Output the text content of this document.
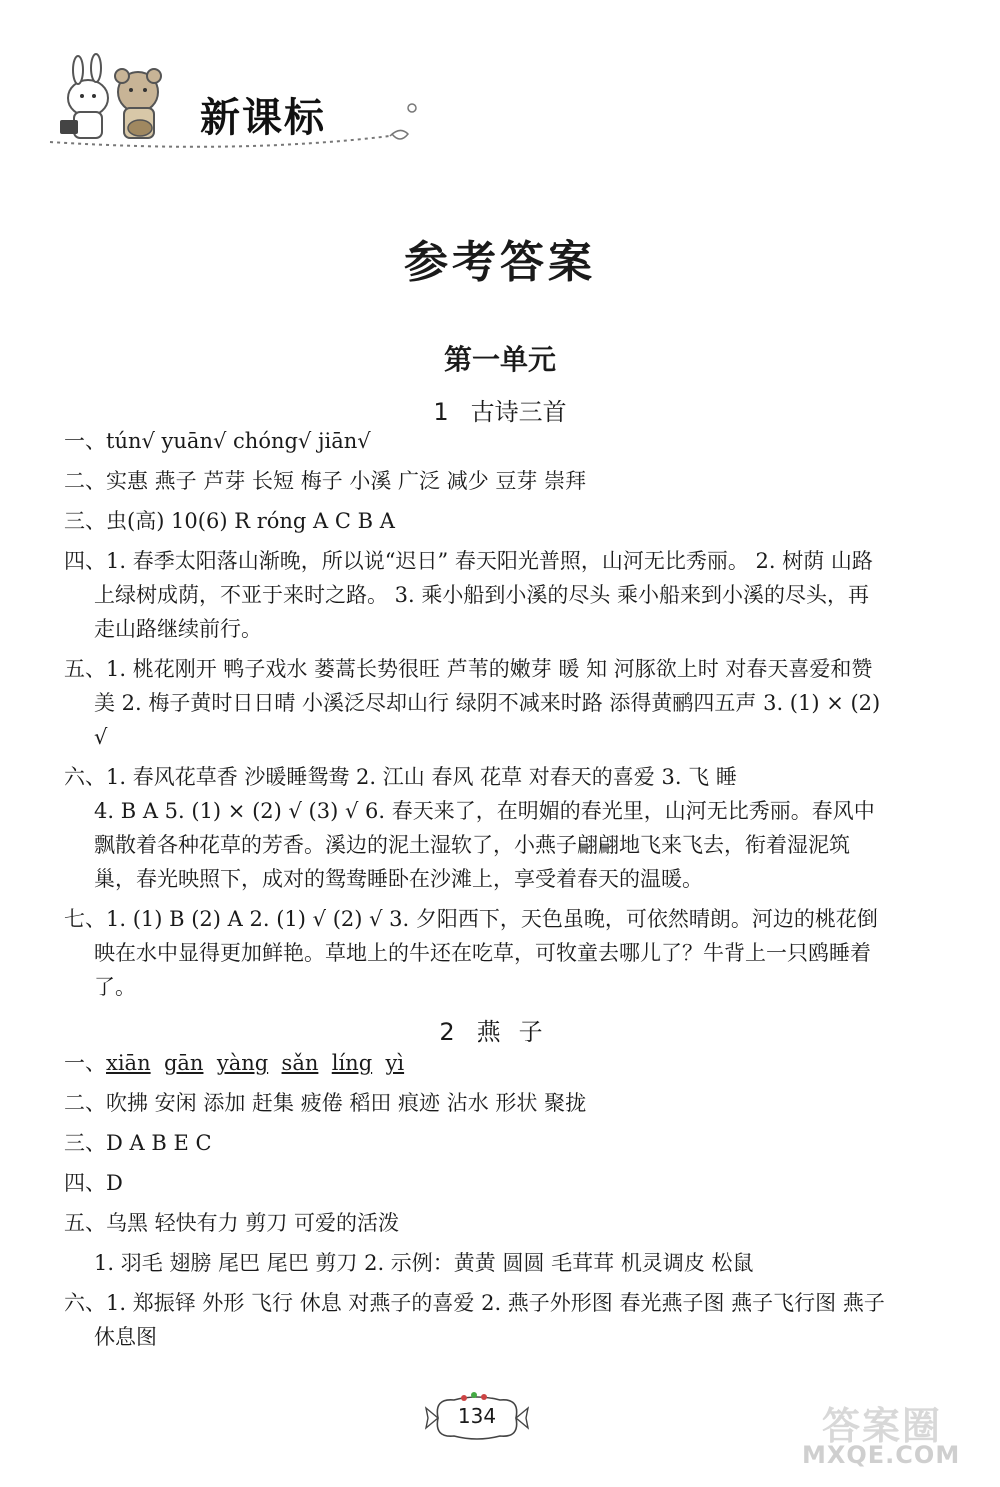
新课标
参考答案
第一单元
1 古诗三首

一、tún√ yuān√ chóng√ jiān√

二、实惠 燕子 芦芽 长短 梅子 小溪 广泛 减少 豆芽 崇拜

三、虫(高) 10(6) R róng A C B A

四、1. 春季太阳落山渐晚，所以说“迟日” 春天阳光普照，山河无比秀丽。 2. 树荫 山路上绿树成荫，不亚于来时之路。 3. 乘小船到小溪的尽头 乘小船来到小溪的尽头，再走山路继续前行。

五、1. 桃花刚开 鸭子戏水 蒌蒿长势很旺 芦苇的嫩芽 暖 知 河豚欲上时 对春天喜爱和赞美 2. 梅子黄时日日晴 小溪泛尽却山行 绿阴不减来时路 添得黄鹂四五声 3. (1) × (2) √

六、1. 春风花草香 沙暖睡鸳鸯 2. 江山 春风 花草 对春天的喜爱 3. 飞 睡

4. B A 5. (1) × (2) √ (3) √ 6. 春天来了，在明媚的春光里，山河无比秀丽。春风中飘散着各种花草的芳香。溪边的泥土湿软了，小燕子翩翩地飞来飞去，衔着湿泥筑巢，春光映照下，成对的鸳鸯睡卧在沙滩上，享受着春天的温暖。

七、1. (1) B (2) A 2. (1) √ (2) √ 3. 夕阳西下，天色虽晚，可依然晴朗。河边的桃花倒映在水中显得更加鲜艳。草地上的牛还在吃草，可牧童去哪儿了？牛背上一只鸥睡着了。

2 燕子

一、xiān gān yàng sǎn líng yì

二、吹拂 安闲 添加 赶集 疲倦 稻田 痕迹 沾水 形状 聚拢

三、D A B E C

四、D

五、乌黑 轻快有力 剪刀 可爱的活泼

1. 羽毛 翅膀 尾巴 尾巴 剪刀 2. 示例：黄黄 圆圆 毛茸茸 机灵调皮 松鼠

六、1. 郑振铎 外形 飞行 休息 对燕子的喜爱 2. 燕子外形图 春光燕子图 燕子飞行图 燕子休息图

134	答案圈
MXQE.COM
